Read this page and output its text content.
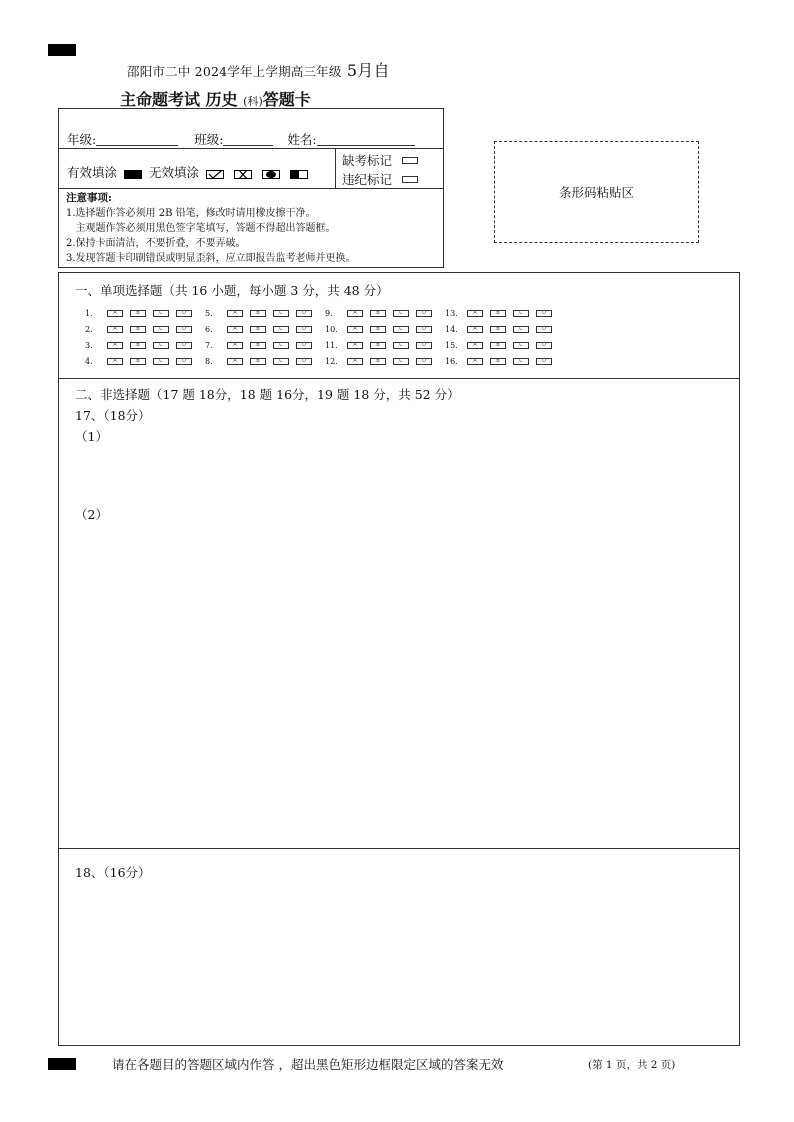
邵阳市二中 2024学年上学期高三年级 5月自
主命题考试 历史 (科)答题卡
年级:	班级:	姓名:
有效填涂	无效填涂
缺考标记
违纪标记
注意事项:
1.选择题作答必须用 2B 铅笔，修改时请用橡皮擦干净。
主观题作答必须用黑色签字笔填写，答题不得超出答题框。
2.保持卡面清洁，不要折叠，不要弄破。
3.发现答题卡印刷错误或明显歪斜，应立即报告监考老师并更换。
条形码粘贴区
一、单项选择题（共 16 小题，每小题 3 分，共 48 分）
1.	A	B	C	D
2.	A	B	C	D
3.	A	B	C	D
4.	A	B	C	D
5.	A	B	C	D
6.	A	B	C	D
7.	A	B	C	D
8.	A	B	C	D
9.	A	B	C	D
10.	A	B	C	D
11.	A	B	C	D
12.	A	B	C	D
13.	A	B	C	D
14.	A	B	C	D
15.	A	B	C	D
16.	A	B	C	D
二、非选择题（17 题 18分，18 题 16分，19 题 18 分，共 52 分）
17、（18分）
（1）
（2）
18、（16分）
请在各题目的答题区域内作答 ，超出黑色矩形边框限定区域的答案无效	(第 1 页，共 2 页)
